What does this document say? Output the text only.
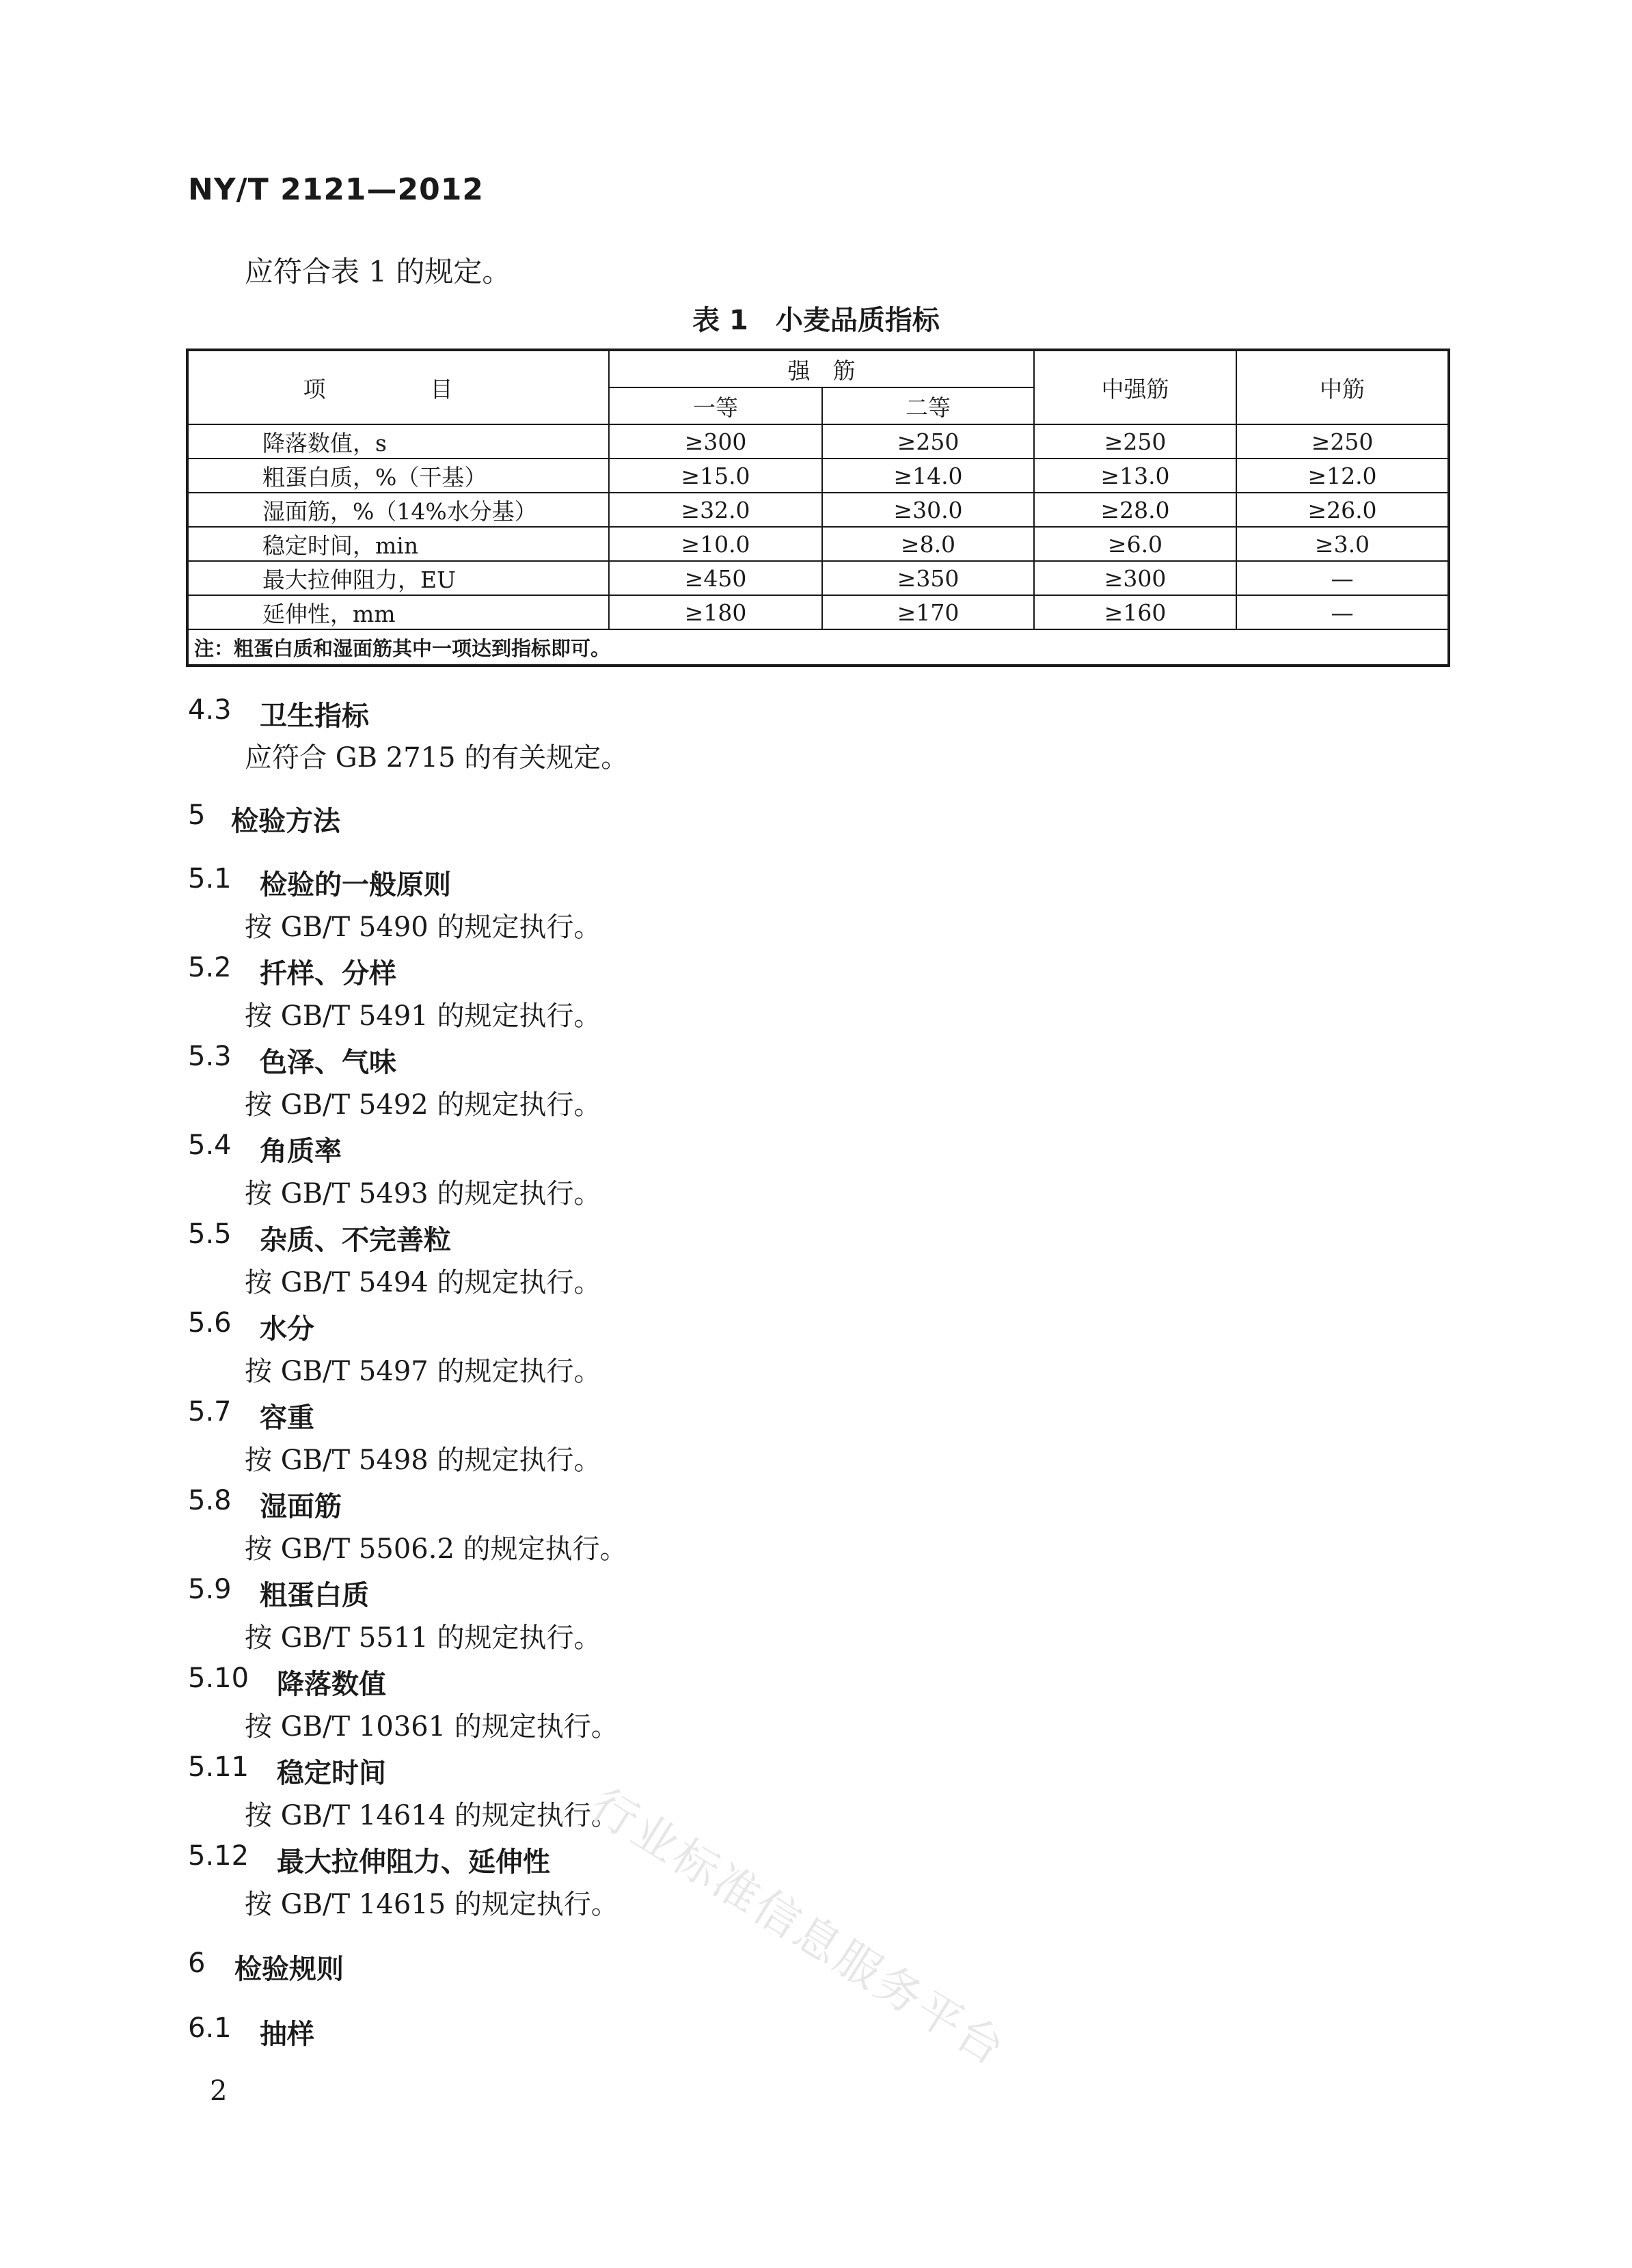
NY/T 2121—2012
应符合表 1 的规定。
表 1　小麦品质指标
项　目	强　筋		中强筋	中筋
	一等	二等		
降落数值，s	≥300	≥250	≥250	≥250
粗蛋白质，%（干基）	≥15.0	≥14.0	≥13.0	≥12.0
湿面筋，%（14%水分基）	≥32.0	≥30.0	≥28.0	≥26.0
稳定时间，min	≥10.0	≥8.0	≥6.0	≥3.0
最大拉伸阻力，EU	≥450	≥350	≥300	—
延伸性，mm	≥180	≥170	≥160	—
注：粗蛋白质和湿面筋其中一项达到指标即可。				
4.3 卫生指标
应符合 GB 2715 的有关规定。
5 检验方法
5.1 检验的一般原则
按 GB/T 5490 的规定执行。
5.2 扦样、分样
按 GB/T 5491 的规定执行。
5.3 色泽、气味
按 GB/T 5492 的规定执行。
5.4 角质率
按 GB/T 5493 的规定执行。
5.5 杂质、不完善粒
按 GB/T 5494 的规定执行。
5.6 水分
按 GB/T 5497 的规定执行。
5.7 容重
按 GB/T 5498 的规定执行。
5.8 湿面筋
按 GB/T 5506.2 的规定执行。
5.9 粗蛋白质
按 GB/T 5511 的规定执行。
5.10 降落数值
按 GB/T 10361 的规定执行。
5.11 稳定时间
按 GB/T 14614 的规定执行。
5.12 最大拉伸阻力、延伸性
按 GB/T 14615 的规定执行。
6 检验规则
6.1 抽样
2
行业标准信息服务平台
